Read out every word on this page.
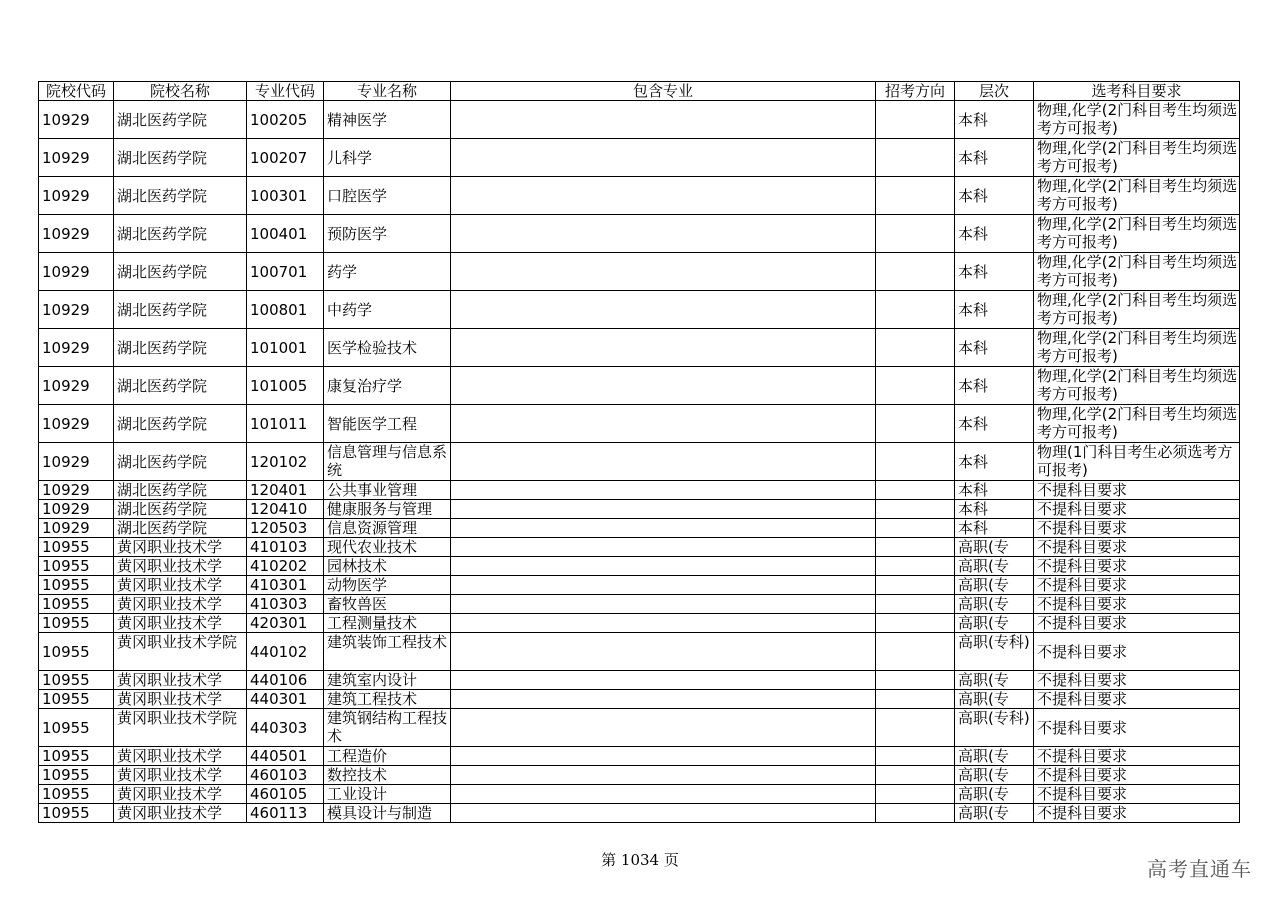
院校代码	院校名称	专业代码	专业名称	包含专业	招考方向	层次	选考科目要求
10929	湖北医药学院	100205	精神医学			本科	物理,化学(2门科目考生均须选考方可报考)
10929	湖北医药学院	100207	儿科学			本科	物理,化学(2门科目考生均须选考方可报考)
10929	湖北医药学院	100301	口腔医学			本科	物理,化学(2门科目考生均须选考方可报考)
10929	湖北医药学院	100401	预防医学			本科	物理,化学(2门科目考生均须选考方可报考)
10929	湖北医药学院	100701	药学			本科	物理,化学(2门科目考生均须选考方可报考)
10929	湖北医药学院	100801	中药学			本科	物理,化学(2门科目考生均须选考方可报考)
10929	湖北医药学院	101001	医学检验技术			本科	物理,化学(2门科目考生均须选考方可报考)
10929	湖北医药学院	101005	康复治疗学			本科	物理,化学(2门科目考生均须选考方可报考)
10929	湖北医药学院	101011	智能医学工程			本科	物理,化学(2门科目考生均须选考方可报考)
10929	湖北医药学院	120102	信息管理与信息系统			本科	物理(1门科目考生必须选考方可报考)
10929	湖北医药学院	120401	公共事业管理			本科	不提科目要求
10929	湖北医药学院	120410	健康服务与管理			本科	不提科目要求
10929	湖北医药学院	120503	信息资源管理			本科	不提科目要求
10955	黄冈职业技术学	410103	现代农业技术			高职(专	不提科目要求
10955	黄冈职业技术学	410202	园林技术			高职(专	不提科目要求
10955	黄冈职业技术学	410301	动物医学			高职(专	不提科目要求
10955	黄冈职业技术学	410303	畜牧兽医			高职(专	不提科目要求
10955	黄冈职业技术学	420301	工程测量技术			高职(专	不提科目要求
10955	黄冈职业技术学院	440102	建筑装饰工程技术			高职(专科)	不提科目要求
10955	黄冈职业技术学	440106	建筑室内设计			高职(专	不提科目要求
10955	黄冈职业技术学	440301	建筑工程技术			高职(专	不提科目要求
10955	黄冈职业技术学院	440303	建筑钢结构工程技术			高职(专科)	不提科目要求
10955	黄冈职业技术学	440501	工程造价			高职(专	不提科目要求
10955	黄冈职业技术学	460103	数控技术			高职(专	不提科目要求
10955	黄冈职业技术学	460105	工业设计			高职(专	不提科目要求
10955	黄冈职业技术学	460113	模具设计与制造			高职(专	不提科目要求
第 1034 页	高考直通车
